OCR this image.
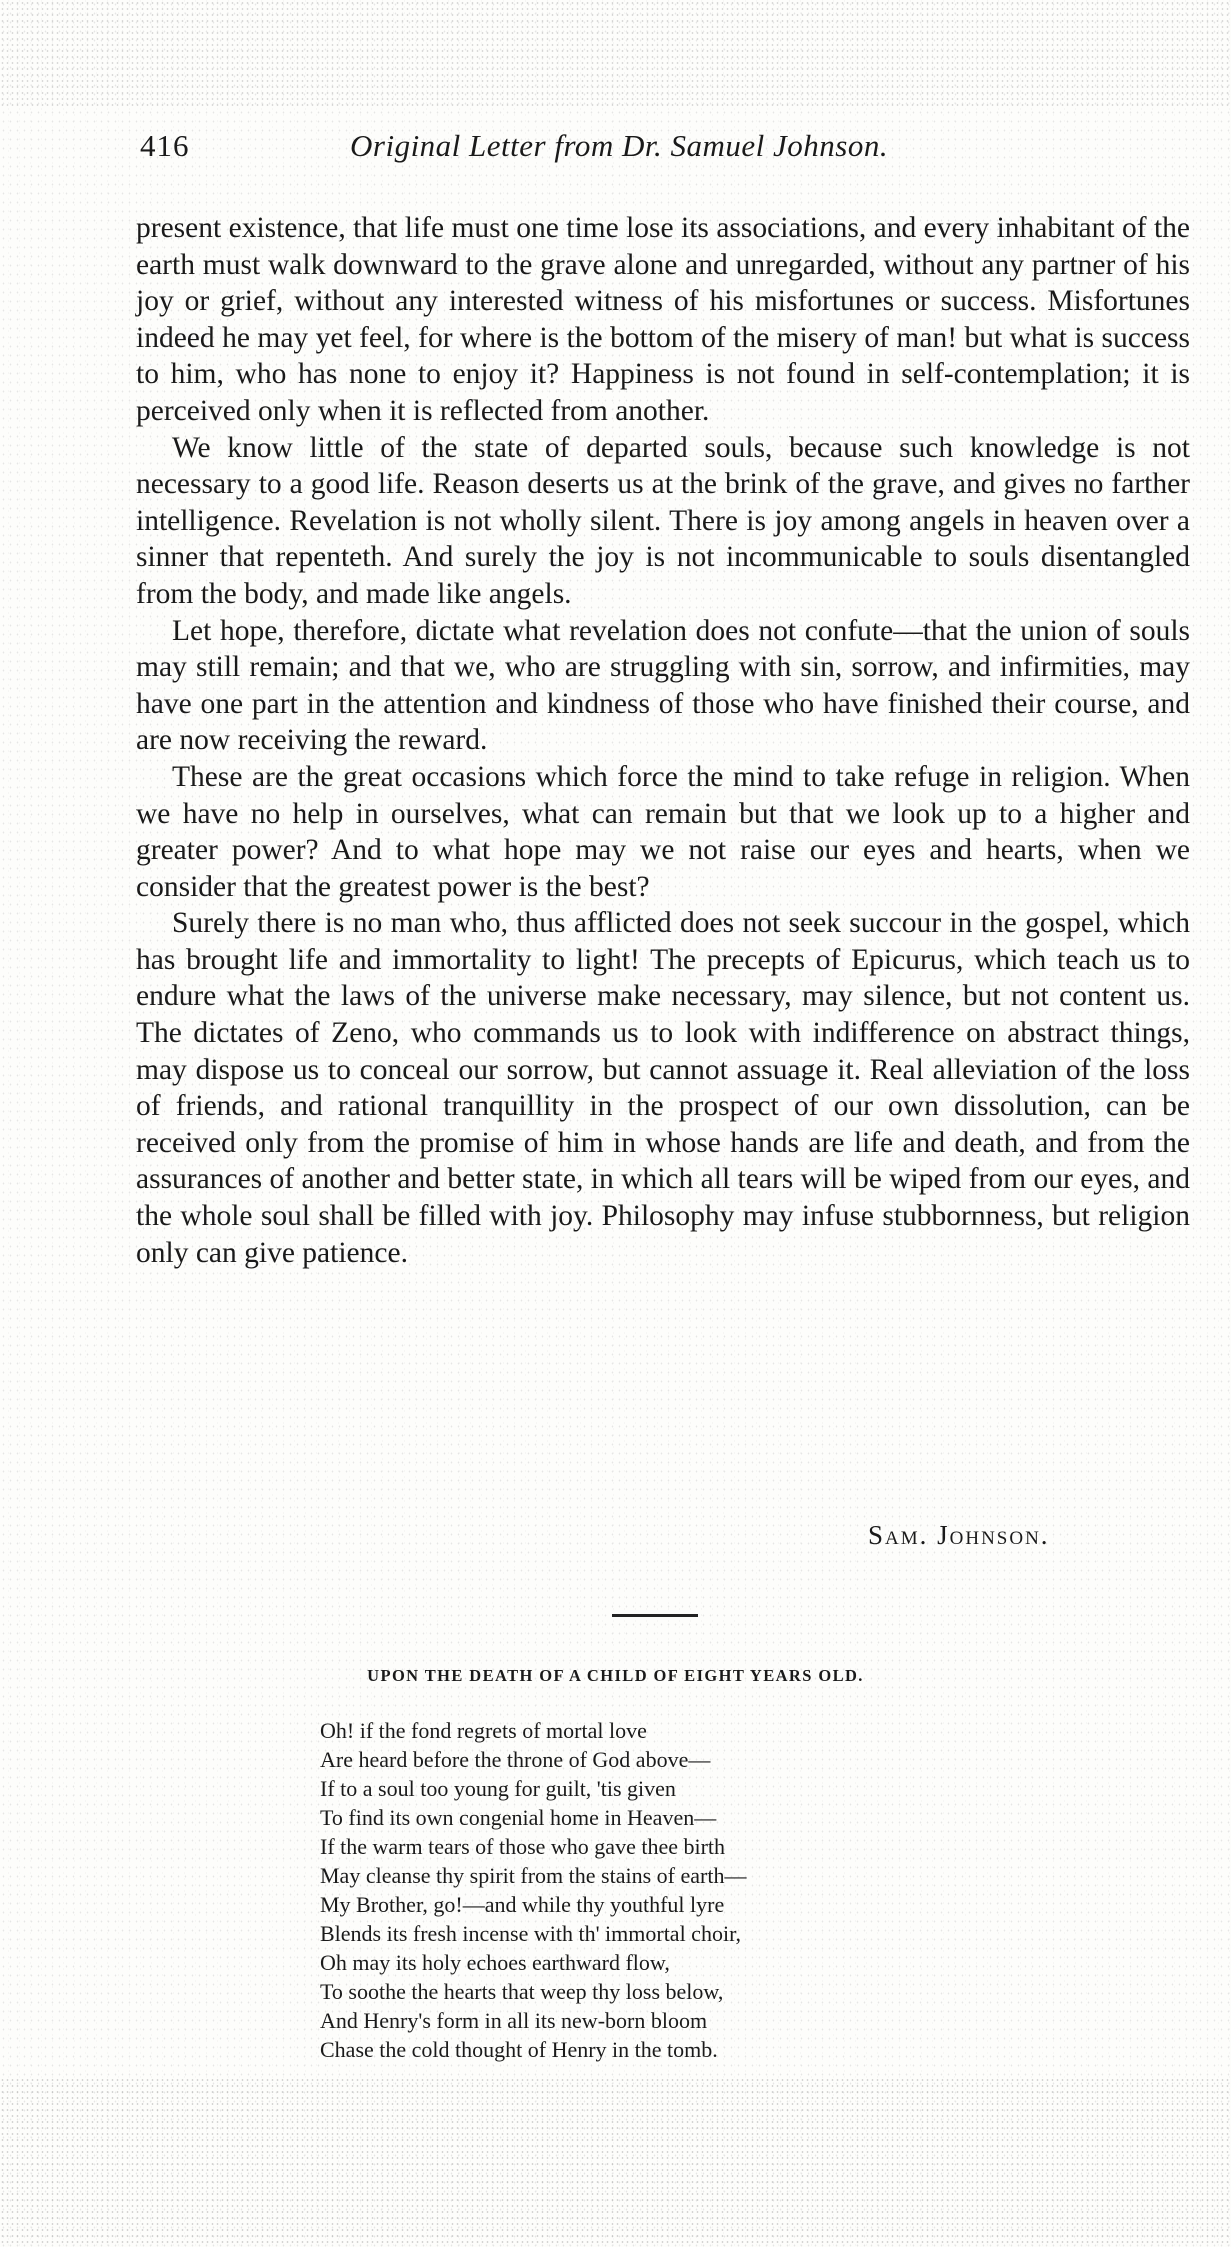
416	Original Letter from Dr. Samuel Johnson.

present existence, that life must one time lose its associations, and every inhabitant of the earth must walk downward to the grave alone and unregarded, without any partner of his joy or grief, without any interested witness of his misfortunes or success. Misfortunes indeed he may yet feel, for where is the bottom of the misery of man! but what is success to him, who has none to enjoy it? Happiness is not found in self-contemplation; it is perceived only when it is reflected from another.

We know little of the state of departed souls, because such knowledge is not necessary to a good life. Reason deserts us at the brink of the grave, and gives no farther intelligence. Revelation is not wholly silent. There is joy among angels in heaven over a sinner that repenteth. And surely the joy is not incommunicable to souls disentangled from the body, and made like angels.

Let hope, therefore, dictate what revelation does not confute—that the union of souls may still remain; and that we, who are struggling with sin, sorrow, and infirmities, may have one part in the attention and kindness of those who have finished their course, and are now receiving the reward.

These are the great occasions which force the mind to take refuge in religion. When we have no help in ourselves, what can remain but that we look up to a higher and greater power? And to what hope may we not raise our eyes and hearts, when we consider that the greatest power is the best?

Surely there is no man who, thus afflicted does not seek succour in the gospel, which has brought life and immortality to light! The precepts of Epicurus, which teach us to endure what the laws of the universe make necessary, may silence, but not content us. The dictates of Zeno, who commands us to look with indifference on abstract things, may dispose us to conceal our sorrow, but cannot assuage it. Real alleviation of the loss of friends, and rational tranquillity in the prospect of our own dissolution, can be received only from the promise of him in whose hands are life and death, and from the assurances of another and better state, in which all tears will be wiped from our eyes, and the whole soul shall be filled with joy. Philosophy may infuse stubbornness, but religion only can give patience.

Sam. Johnson.
UPON THE DEATH OF A CHILD OF EIGHT YEARS OLD.
Oh! if the fond regrets of mortal love
Are heard before the throne of God above—
If to a soul too young for guilt, 'tis given
To find its own congenial home in Heaven—
If the warm tears of those who gave thee birth
May cleanse thy spirit from the stains of earth—
My Brother, go!—and while thy youthful lyre
Blends its fresh incense with th' immortal choir,
Oh may its holy echoes earthward flow,
To soothe the hearts that weep thy loss below,
And Henry's form in all its new-born bloom
Chase the cold thought of Henry in the tomb.
